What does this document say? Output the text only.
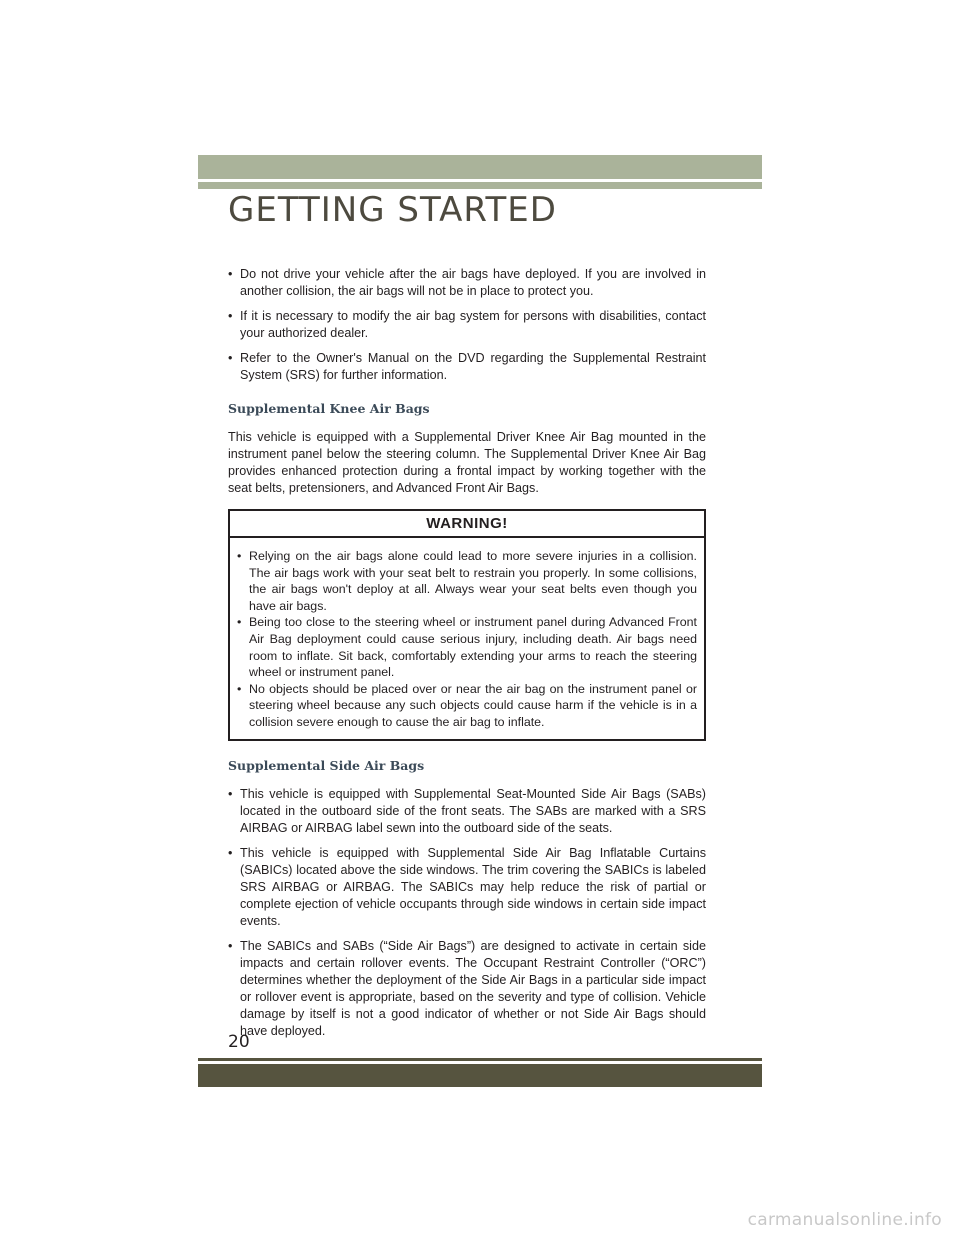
GETTING STARTED
• Do not drive your vehicle after the air bags have deployed. If you are involved in another collision, the air bags will not be in place to protect you.
• If it is necessary to modify the air bag system for persons with disabilities, contact your authorized dealer.
• Refer to the Owner's Manual on the DVD regarding the Supplemental Restraint System (SRS) for further information.
Supplemental Knee Air Bags
This vehicle is equipped with a Supplemental Driver Knee Air Bag mounted in the instrument panel below the steering column. The Supplemental Driver Knee Air Bag provides enhanced protection during a frontal impact by working together with the seat belts, pretensioners, and Advanced Front Air Bags.
WARNING!
• Relying on the air bags alone could lead to more severe injuries in a collision. The air bags work with your seat belt to restrain you properly. In some collisions, the air bags won't deploy at all. Always wear your seat belts even though you have air bags.
• Being too close to the steering wheel or instrument panel during Advanced Front Air Bag deployment could cause serious injury, including death. Air bags need room to inflate. Sit back, comfortably extending your arms to reach the steering wheel or instrument panel.
• No objects should be placed over or near the air bag on the instrument panel or steering wheel because any such objects could cause harm if the vehicle is in a collision severe enough to cause the air bag to inflate.
Supplemental Side Air Bags
• This vehicle is equipped with Supplemental Seat-Mounted Side Air Bags (SABs) located in the outboard side of the front seats. The SABs are marked with a SRS AIRBAG or AIRBAG label sewn into the outboard side of the seats.
• This vehicle is equipped with Supplemental Side Air Bag Inflatable Curtains (SABICs) located above the side windows. The trim covering the SABICs is labeled SRS AIRBAG or AIRBAG. The SABICs may help reduce the risk of partial or complete ejection of vehicle occupants through side windows in certain side impact events.
• The SABICs and SABs (“Side Air Bags”) are designed to activate in certain side impacts and certain rollover events. The Occupant Restraint Controller (“ORC”) determines whether the deployment of the Side Air Bags in a particular side impact or rollover event is appropriate, based on the severity and type of collision. Vehicle damage by itself is not a good indicator of whether or not Side Air Bags should have deployed.
20
carmanualsonline.info
